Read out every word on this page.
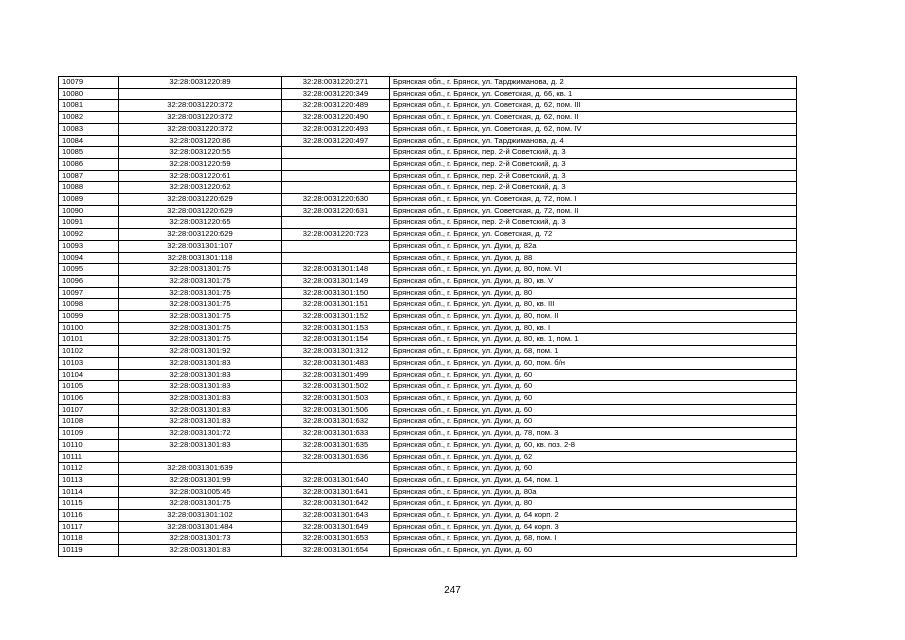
10079	32:28:0031220:89	32:28:0031220:271	Брянская обл., г. Брянск, ул. Тарджиманова, д. 2
10080		32:28:0031220:349	Брянская обл., г. Брянск, ул. Советская, д. 66, кв. 1
10081	32:28:0031220:372	32:28:0031220:489	Брянская обл., г. Брянск, ул. Советская, д. 62, пом. III
10082	32:28:0031220:372	32:28:0031220:490	Брянская обл., г. Брянск, ул. Советская, д. 62, пом. II
10083	32:28:0031220:372	32:28:0031220:493	Брянская обл., г. Брянск, ул. Советская, д. 62, пом. IV
10084	32:28:0031220:86	32:28:0031220:497	Брянская обл., г. Брянск, ул. Тарджиманова, д. 4
10085	32:28:0031220:55		Брянская обл., г. Брянск, пер. 2-й Советский, д. 3
10086	32:28:0031220:59		Брянская обл., г. Брянск, пер. 2-й Советский, д. 3
10087	32:28:0031220:61		Брянская обл., г. Брянск, пер. 2-й Советский, д. 3
10088	32:28:0031220:62		Брянская обл., г. Брянск, пер. 2-й Советский, д. 3
10089	32:28:0031220:629	32:28:0031220:630	Брянская обл., г. Брянск, ул. Советская, д. 72, пом. I
10090	32:28:0031220:629	32:28:0031220:631	Брянская обл., г. Брянск, ул. Советская, д. 72, пом. II
10091	32:28:0031220:65		Брянская обл., г. Брянск, пер. 2-й Советский, д. 3
10092	32:28:0031220:629	32:28:0031220:723	Брянская обл., г. Брянск, ул. Советская, д. 72
10093	32:28:0031301:107		Брянская обл., г. Брянск, ул. Дуки, д. 82а
10094	32:28:0031301:118		Брянская обл., г. Брянск, ул. Дуки, д. 88
10095	32:28:0031301:75	32:28:0031301:148	Брянская обл., г. Брянск, ул. Дуки, д. 80, пом. VI
10096	32:28:0031301:75	32:28:0031301:149	Брянская обл., г. Брянск, ул. Дуки, д. 80, кв. V
10097	32:28:0031301:75	32:28:0031301:150	Брянская обл., г. Брянск, ул. Дуки, д. 80
10098	32:28:0031301:75	32:28:0031301:151	Брянская обл., г. Брянск, ул. Дуки, д. 80, кв. III
10099	32:28:0031301:75	32:28:0031301:152	Брянская обл., г. Брянск, ул. Дуки, д. 80, пом. II
10100	32:28:0031301:75	32:28:0031301:153	Брянская обл., г. Брянск, ул. Дуки, д. 80, кв. I
10101	32:28:0031301:75	32:28:0031301:154	Брянская обл., г. Брянск, ул. Дуки, д. 80, кв. 1, пом. 1
10102	32:28:0031301:92	32:28:0031301:312	Брянская обл., г. Брянск, ул. Дуки, д. 68, пом. 1
10103	32:28:0031301:83	32:28:0031301:483	Брянская обл., г. Брянск, ул. Дуки, д. 60, пом. б/н
10104	32:28:0031301:83	32:28:0031301:499	Брянская обл., г. Брянск, ул. Дуки, д. 60
10105	32:28:0031301:83	32:28:0031301:502	Брянская обл., г. Брянск, ул. Дуки, д. 60
10106	32:28:0031301:83	32:28:0031301:503	Брянская обл., г. Брянск, ул. Дуки, д. 60
10107	32:28:0031301:83	32:28:0031301:506	Брянская обл., г. Брянск, ул. Дуки, д. 60
10108	32:28:0031301:83	32:28:0031301:632	Брянская обл., г. Брянск, ул. Дуки, д. 60
10109	32:28:0031301:72	32:28:0031301:633	Брянская обл., г. Брянск, ул. Дуки, д. 78, пом. 3
10110	32:28:0031301:83	32:28:0031301:635	Брянская обл., г. Брянск, ул. Дуки, д. 60, кв. поз. 2-8
10111		32:28:0031301:636	Брянская обл., г. Брянск, ул. Дуки, д. 62
10112	32:28:0031301:639		Брянская обл., г. Брянск, ул. Дуки, д. 60
10113	32:28:0031301:99	32:28:0031301:640	Брянская обл., г. Брянск, ул. Дуки, д. 64, пом. 1
10114	32:28:0031005:45	32:28:0031301:641	Брянская обл., г. Брянск, ул. Дуки, д. 80а
10115	32:28:0031301:75	32:28:0031301:642	Брянская обл., г. Брянск, ул. Дуки, д. 80
10116	32:28:0031301:102	32:28:0031301:643	Брянская обл., г. Брянск, ул. Дуки, д. 64 корп. 2
10117	32:28:0031301:484	32:28:0031301:649	Брянская обл., г. Брянск, ул. Дуки, д. 64 корп. 3
10118	32:28:0031301:73	32:28:0031301:653	Брянская обл., г. Брянск, ул. Дуки, д. 68, пом. I
10119	32:28:0031301:83	32:28:0031301:654	Брянская обл., г. Брянск, ул. Дуки, д. 60
247
